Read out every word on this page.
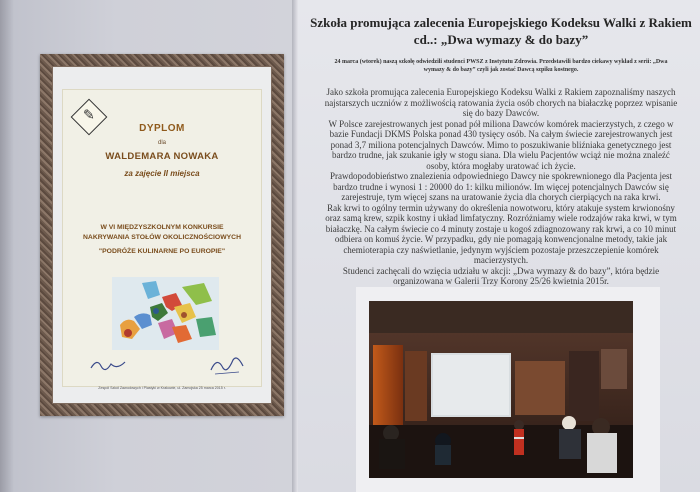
✎
DYPLOM
dla
WALDEMARA NOWAKA
za zajęcie II miejsca
W VI MIĘDZYSZKOLNYM KONKURSIE
NAKRYWANIA STOŁÓW OKOLICZNOŚCIOWYCH
"PODRÓŻE KULINARNE PO EUROPIE"
Zespół Szkół Zawodowych i Plastyki w Krakowie, ul. Zamojska 25 marca 2015 r.
Szkoła promująca zalecenia Europejskiego Kodeksu Walki z Rakiem cd..: „Dwa wymazy & do bazy”
24 marca (wtorek) naszą szkołę odwiedzili studenci PWSZ z Instytutu Zdrowia. Przedstawili bardzo ciekawy wykład z serii: „Dwa wymazy & do bazy” czyli jak zostać Dawcą szpiku kostnego.

Jako szkoła promująca zalecenia Europejskiego Kodeksu Walki z Rakiem zapoznaliśmy naszych najstarszych uczniów z możliwością ratowania życia osób chorych na białaczkę poprzez wpisanie się do bazy Dawców.

W Polsce zarejestrowanych jest ponad pół miliona Dawców komórek macierzystych, z czego w bazie Fundacji DKMS Polska ponad 430 tysięcy osób. Na całym świecie zarejestrowanych jest ponad 3,7 miliona potencjalnych Dawców. Mimo to poszukiwanie bliźniaka genetycznego jest bardzo trudne, jak szukanie igły w stogu siana. Dla wielu Pacjentów wciąż nie można znaleźć osoby, która mogłaby uratować ich życie.

Prawdopodobieństwo znalezienia odpowiedniego Dawcy nie spokrewnionego dla Pacjenta jest bardzo trudne i wynosi 1 : 20000 do 1: kilku milionów. Im więcej potencjalnych Dawców się zarejestruje, tym więcej szans na uratowanie życia dla chorych cierpiących na raka krwi.

Rak krwi to ogólny termin używany do określenia nowotworu, który atakuje system krwionośny oraz samą krew, szpik kostny i układ limfatyczny. Rozróżniamy wiele rodzajów raka krwi, w tym białaczkę. Na całym świecie co 4 minuty zostaje u kogoś zdiagnozowany rak krwi, a co 10 minut odbiera on komuś życie. W przypadku, gdy nie pomagają konwencjonalne metody, takie jak chemioterapia czy naświetlanie, jedynym wyjściem pozostaje przeszczepienie komórek macierzystych.

Studenci zachęcali do wzięcia udziału w akcji: „Dwa wymazy & do bazy”, która będzie organizowana w Galerii Trzy Korony 25/26 kwietnia 2015r.
